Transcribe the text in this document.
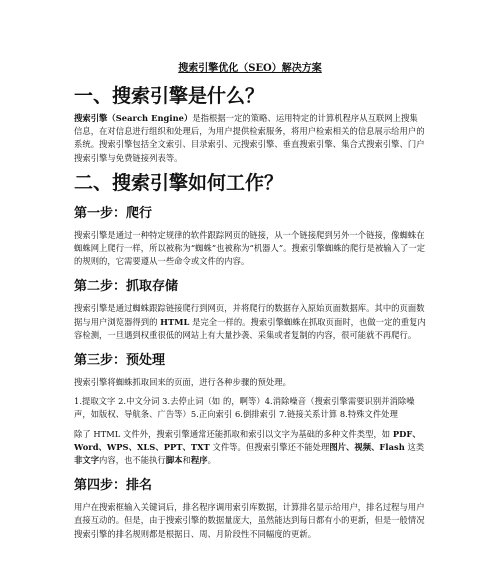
搜索引擎优化（SEO）解决方案
一、搜索引擎是什么？
搜索引擎（Search Engine）是指根据一定的策略、运用特定的计算机程序从互联网上搜集信息，在对信息进行组织和处理后，为用户提供检索服务，将用户检索相关的信息展示给用户的系统。搜索引擎包括全文索引、目录索引、元搜索引擎、垂直搜索引擎、集合式搜索引擎、门户搜索引擎与免费链接列表等。
二、搜索引擎如何工作？
第一步：爬行
搜索引擎是通过一种特定规律的软件跟踪网页的链接，从一个链接爬到另外一个链接，像蜘蛛在蜘蛛网上爬行一样，所以被称为“蜘蛛”也被称为“机器人”。搜索引擎蜘蛛的爬行是被输入了一定的规则的，它需要遵从一些命令或文件的内容。
第二步：抓取存储
搜索引擎是通过蜘蛛跟踪链接爬行到网页，并将爬行的数据存入原始页面数据库。其中的页面数据与用户浏览器得到的 HTML 是完全一样的。搜索引擎蜘蛛在抓取页面时，也做一定的重复内容检测，一旦遇到权重很低的网站上有大量抄袭、采集或者复制的内容，很可能就不再爬行。
第三步：预处理
搜索引擎将蜘蛛抓取回来的页面，进行各种步骤的预处理。
1.提取文字 2.中文分词 3.去停止词（如 的，啊等）4.消除噪音（搜索引擎需要识别并消除噪声，如版权、导航条、广告等）5.正向索引 6.倒排索引 7.链接关系计算 8.特殊文件处理
除了 HTML 文件外，搜索引擎通常还能抓取和索引以文字为基础的多种文件类型，如 PDF、Word、WPS、XLS、PPT、TXT 文件等。但搜索引擎还不能处理图片、视频、Flash 这类非文字内容，也不能执行脚本和程序。
第四步：排名
用户在搜索框输入关键词后，排名程序调用索引库数据，计算排名显示给用户，排名过程与用户直接互动的。但是，由于搜索引擎的数据量庞大，虽然能达到每日都有小的更新，但是一般情况搜索引擎的排名规则都是根据日、周、月阶段性不同幅度的更新。
